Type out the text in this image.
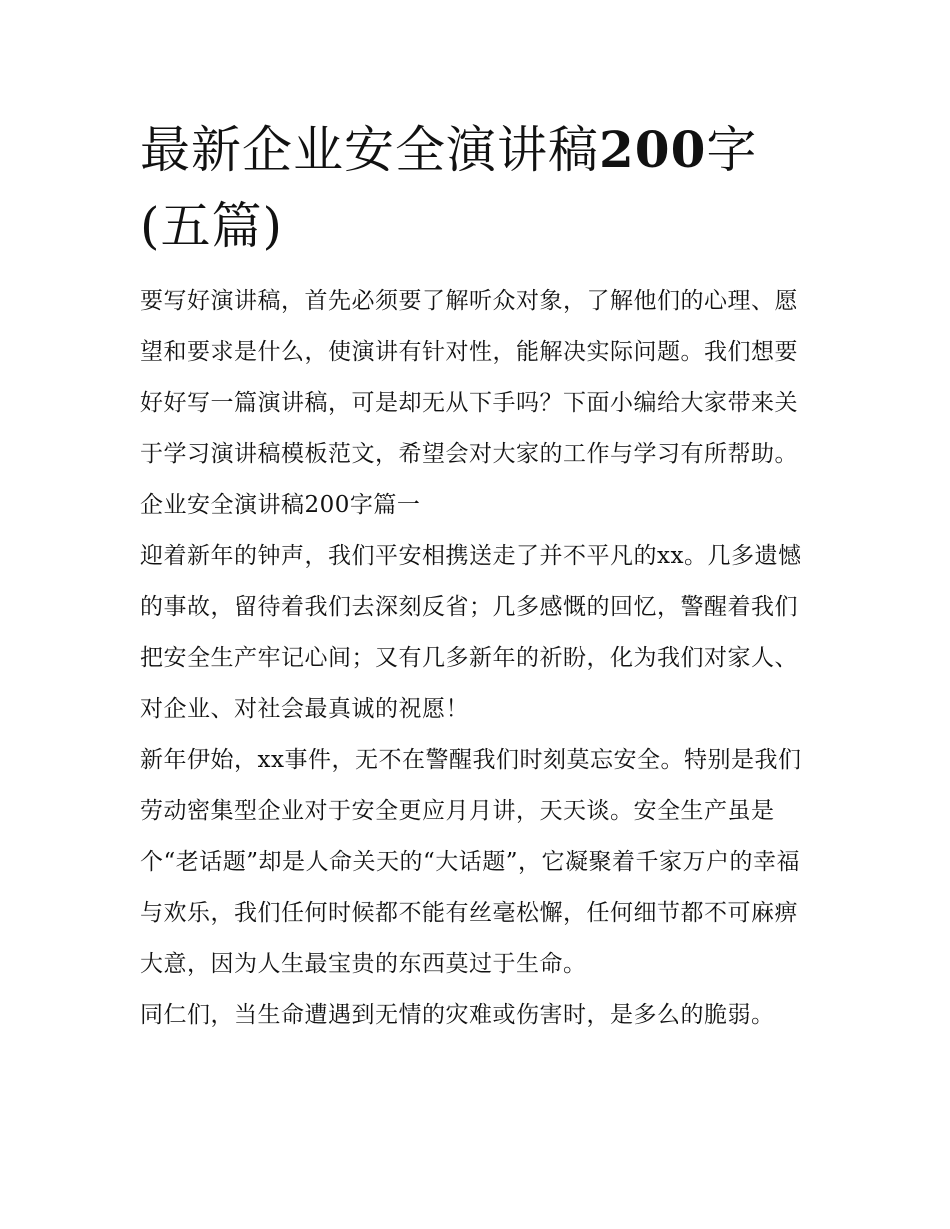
最新企业安全演讲稿200字(五篇)

要写好演讲稿，首先必须要了解听众对象，了解他们的心理、愿望和要求是什么，使演讲有针对性，能解决实际问题。我们想要好好写一篇演讲稿，可是却无从下手吗？下面小编给大家带来关于学习演讲稿模板范文，希望会对大家的工作与学习有所帮助。

企业安全演讲稿200字篇一

迎着新年的钟声，我们平安相携送走了并不平凡的xx。几多遗憾的事故，留待着我们去深刻反省；几多感慨的回忆，警醒着我们把安全生产牢记心间；又有几多新年的祈盼，化为我们对家人、对企业、对社会最真诚的祝愿！

新年伊始，xx事件，无不在警醒我们时刻莫忘安全。特别是我们劳动密集型企业对于安全更应月月讲，天天谈。安全生产虽是个“老话题”却是人命关天的“大话题”，它凝聚着千家万户的幸福与欢乐，我们任何时候都不能有丝毫松懈，任何细节都不可麻痹大意，因为人生最宝贵的东西莫过于生命。

同仁们，当生命遭遇到无情的灾难或伤害时，是多么的脆弱。
